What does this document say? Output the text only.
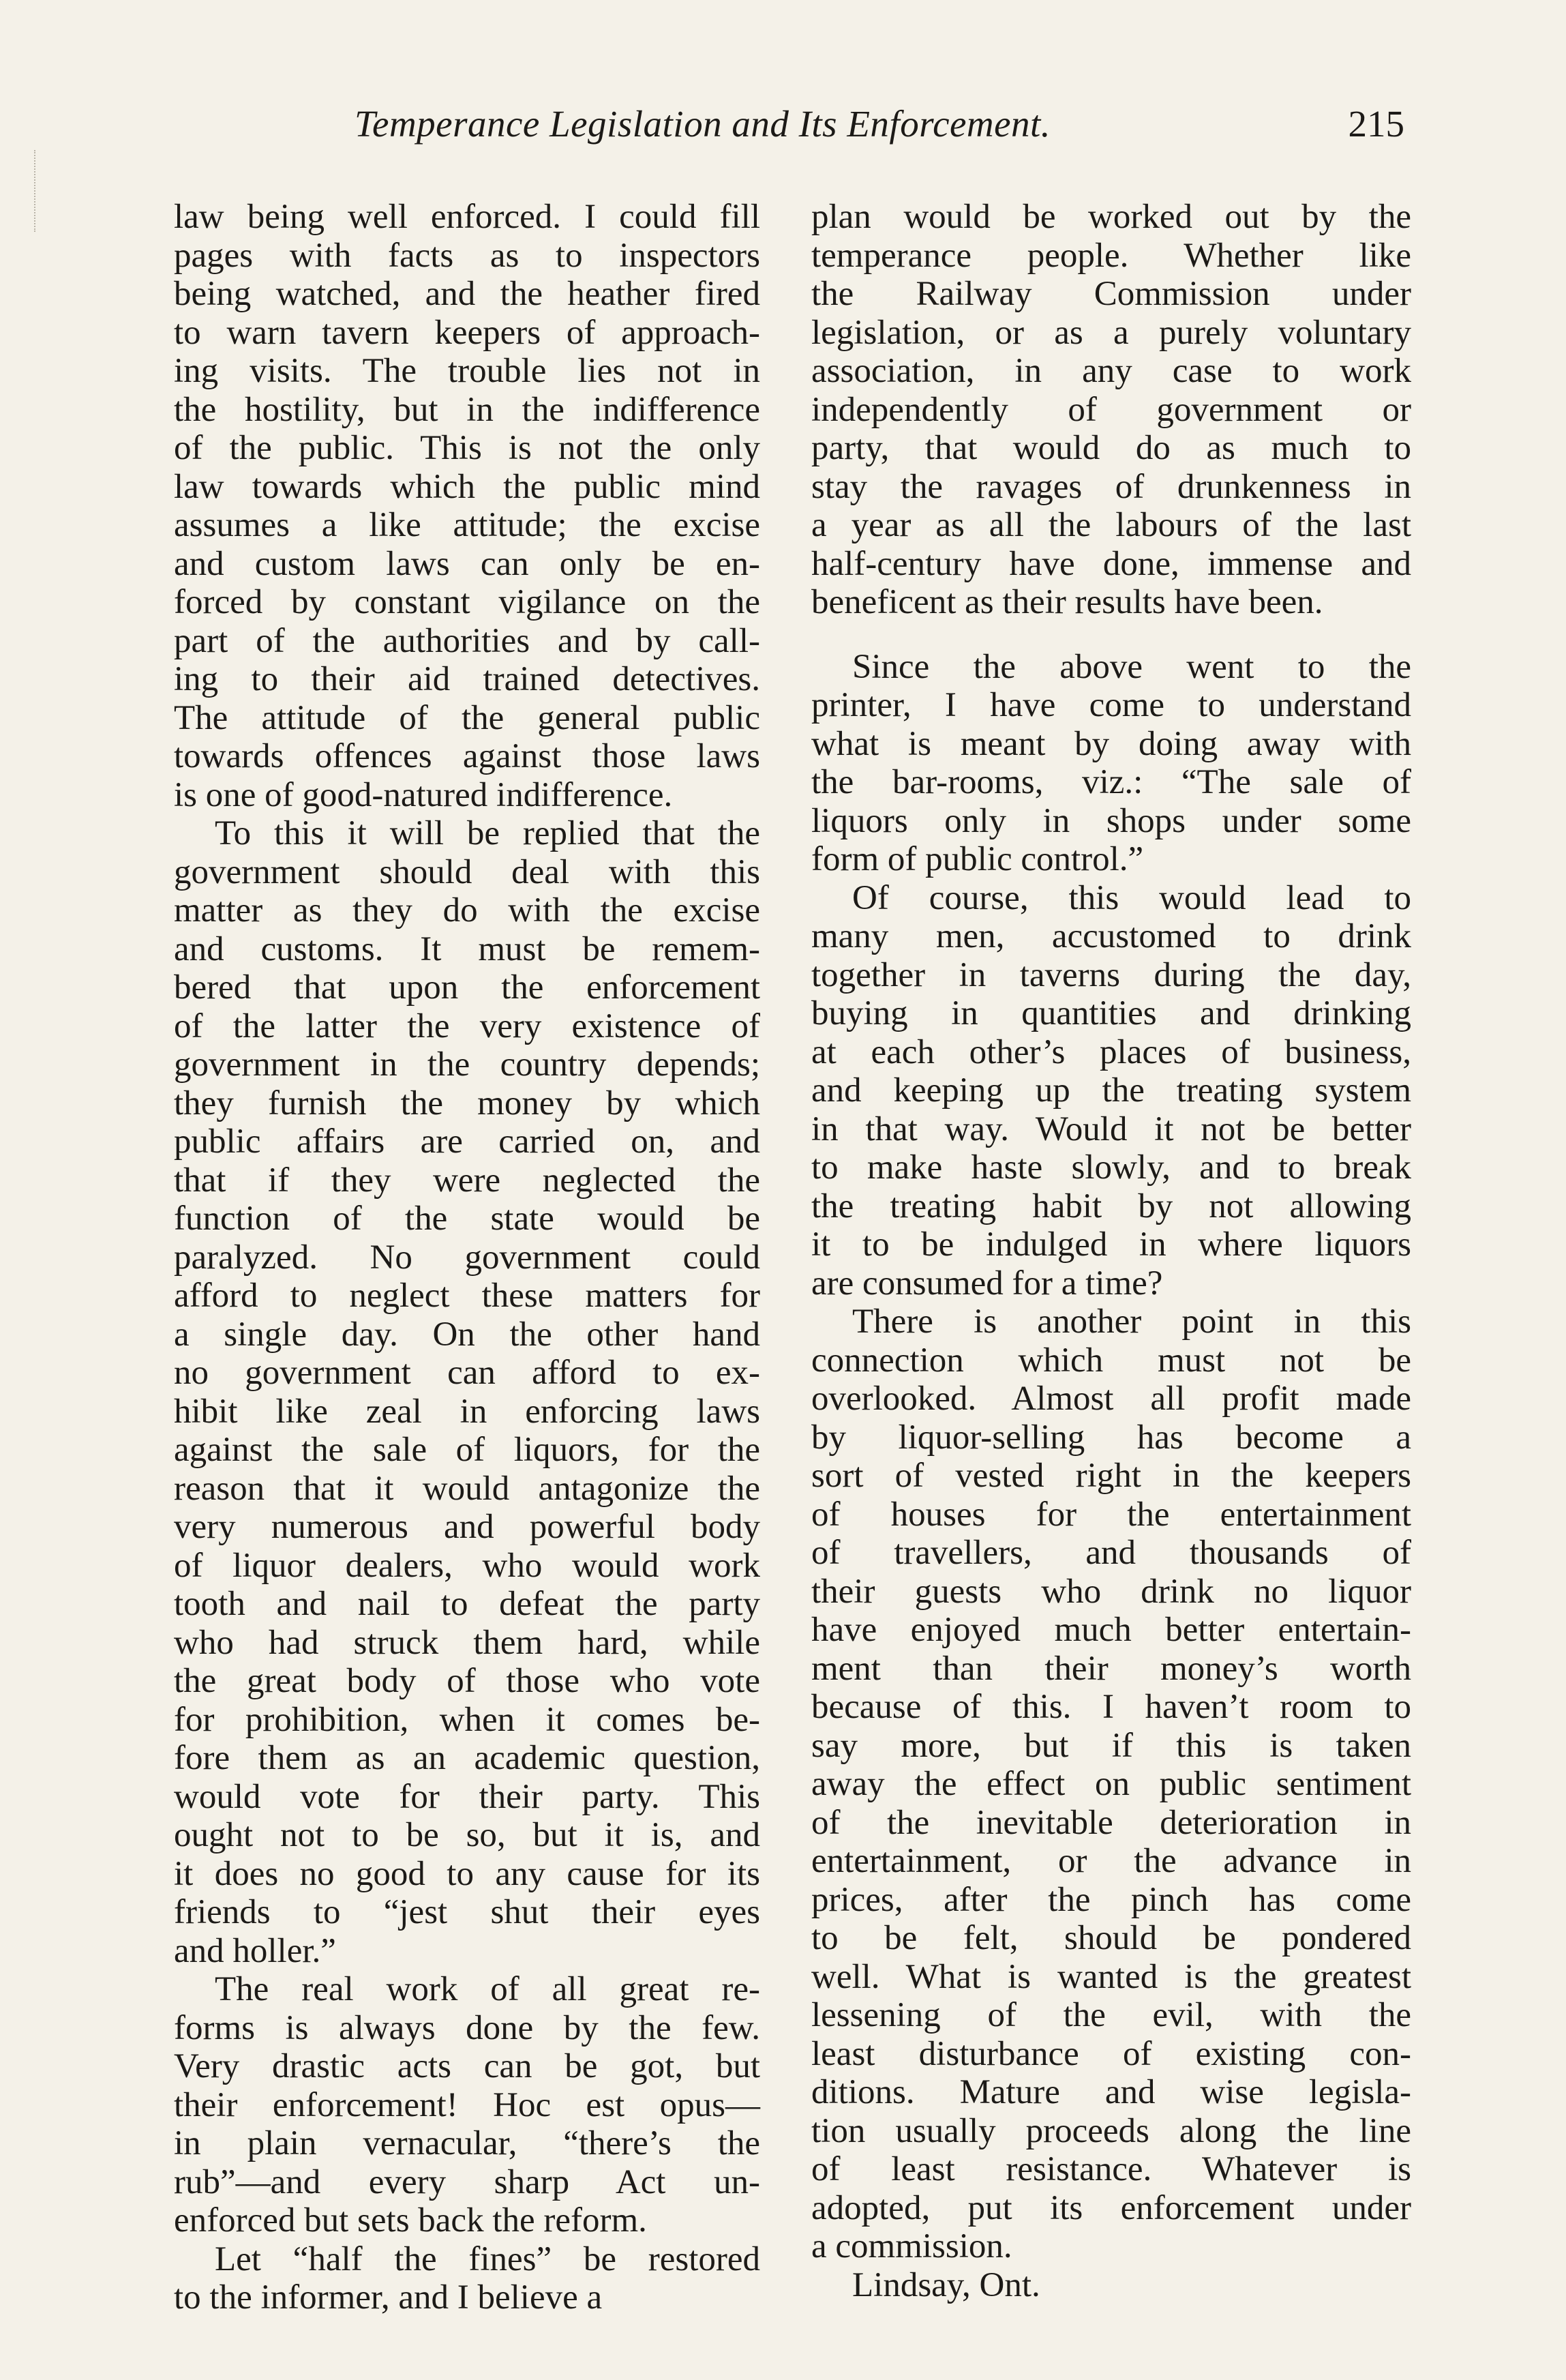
Temperance Legislation and Its Enforcement.	215
law being well enforced. I could fill
pages with facts as to inspectors
being watched, and the heather fired
to warn tavern keepers of approach-
ing visits. The trouble lies not in
the hostility, but in the indifference
of the public. This is not the only
law towards which the public mind
assumes a like attitude; the excise
and custom laws can only be en-
forced by constant vigilance on the
part of the authorities and by call-
ing to their aid trained detectives.
The attitude of the general public
towards offences against those laws
is one of good-natured indifference.
To this it will be replied that the
government should deal with this
matter as they do with the excise
and customs. It must be remem-
bered that upon the enforcement
of the latter the very existence of
government in the country depends;
they furnish the money by which
public affairs are carried on, and
that if they were neglected the
function of the state would be
paralyzed. No government could
afford to neglect these matters for
a single day. On the other hand
no government can afford to ex-
hibit like zeal in enforcing laws
against the sale of liquors, for the
reason that it would antagonize the
very numerous and powerful body
of liquor dealers, who would work
tooth and nail to defeat the party
who had struck them hard, while
the great body of those who vote
for prohibition, when it comes be-
fore them as an academic question,
would vote for their party. This
ought not to be so, but it is, and
it does no good to any cause for its
friends to “jest shut their eyes
and holler.”
The real work of all great re-
forms is always done by the few.
Very drastic acts can be got, but
their enforcement! Hoc est opus—
in plain vernacular, “there’s the
rub”—and every sharp Act un-
enforced but sets back the reform.
Let “half the fines” be restored
to the informer, and I believe a
plan would be worked out by the
temperance people. Whether like
the Railway Commission under
legislation, or as a purely voluntary
association, in any case to work
independently of government or
party, that would do as much to
stay the ravages of drunkenness in
a year as all the labours of the last
half-century have done, immense and
beneficent as their results have been.
Since the above went to the
printer, I have come to understand
what is meant by doing away with
the bar-rooms, viz.: “The sale of
liquors only in shops under some
form of public control.”
Of course, this would lead to
many men, accustomed to drink
together in taverns during the day,
buying in quantities and drinking
at each other’s places of business,
and keeping up the treating system
in that way. Would it not be better
to make haste slowly, and to break
the treating habit by not allowing
it to be indulged in where liquors
are consumed for a time?
There is another point in this
connection which must not be
overlooked. Almost all profit made
by liquor-selling has become a
sort of vested right in the keepers
of houses for the entertainment
of travellers, and thousands of
their guests who drink no liquor
have enjoyed much better entertain-
ment than their money’s worth
because of this. I haven’t room to
say more, but if this is taken
away the effect on public sentiment
of the inevitable deterioration in
entertainment, or the advance in
prices, after the pinch has come
to be felt, should be pondered
well. What is wanted is the greatest
lessening of the evil, with the
least disturbance of existing con-
ditions. Mature and wise legisla-
tion usually proceeds along the line
of least resistance. Whatever is
adopted, put its enforcement under
a commission.
Lindsay, Ont.
